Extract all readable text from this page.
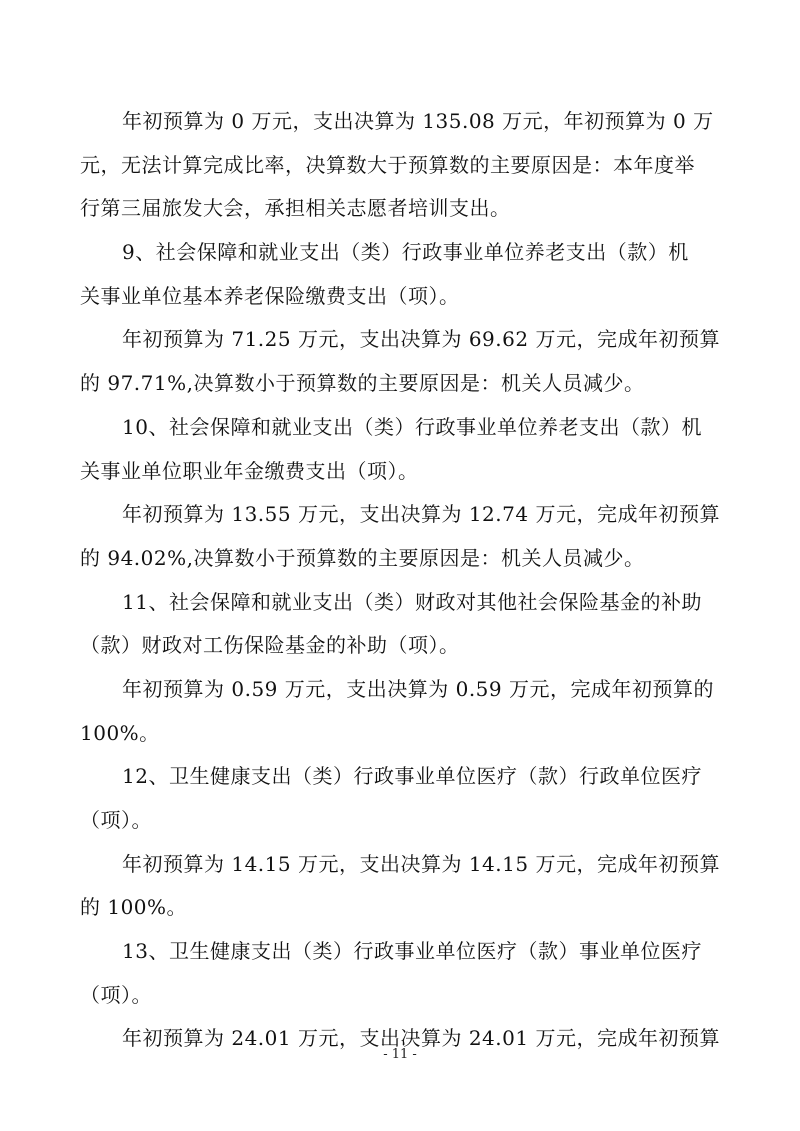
年初预算为 0 万元，支出决算为 135.08 万元，年初预算为 0 万
元，无法计算完成比率，决算数大于预算数的主要原因是：本年度举
行第三届旅发大会，承担相关志愿者培训支出。
9、社会保障和就业支出（类）行政事业单位养老支出（款）机
关事业单位基本养老保险缴费支出（项）。
年初预算为 71.25 万元，支出决算为 69.62 万元，完成年初预算
的 97.71%,决算数小于预算数的主要原因是：机关人员减少。
10、社会保障和就业支出（类）行政事业单位养老支出（款）机
关事业单位职业年金缴费支出（项）。
年初预算为 13.55 万元，支出决算为 12.74 万元，完成年初预算
的 94.02%,决算数小于预算数的主要原因是：机关人员减少。
11、社会保障和就业支出（类）财政对其他社会保险基金的补助
（款）财政对工伤保险基金的补助（项）。
年初预算为 0.59 万元，支出决算为 0.59 万元，完成年初预算的
100%。
12、卫生健康支出（类）行政事业单位医疗（款）行政单位医疗
（项）。
年初预算为 14.15 万元，支出决算为 14.15 万元，完成年初预算
的 100%。
13、卫生健康支出（类）行政事业单位医疗（款）事业单位医疗
（项）。
年初预算为 24.01 万元，支出决算为 24.01 万元，完成年初预算
- 11 -
